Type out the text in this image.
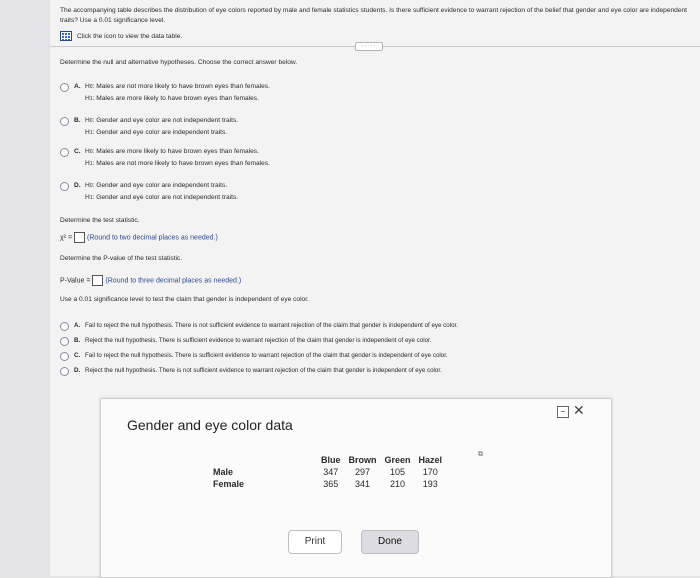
The accompanying table describes the distribution of eye colors reported by male and female statistics students. Is there sufficient evidence to warrant rejection of the belief that gender and eye color are independent traits? Use a 0.01 significance level.
Click the icon to view the data table.
·····
Determine the null and alternative hypotheses. Choose the correct answer below.
A. H0: Males are not more likely to have brown eyes than females.
H1: Males are more likely to have brown eyes than females.
B. H0: Gender and eye color are not independent traits.
H1: Gender and eye color are independent traits.
C. H0: Males are more likely to have brown eyes than females.
H1: Males are not more likely to have brown eyes than females.
D. H0: Gender and eye color are independent traits.
H1: Gender and eye color are not independent traits.
Determine the test statistic.
χ² = (Round to two decimal places as needed.)
Determine the P-value of the test statistic.
P-Value = (Round to three decimal places as needed.)
Use a 0.01 significance level to test the claim that gender is independent of eye color.
A. Fail to reject the null hypothesis. There is not sufficient evidence to warrant rejection of the claim that gender is independent of eye color.
B. Reject the null hypothesis. There is sufficient evidence to warrant rejection of the claim that gender is independent of eye color.
C. Fail to reject the null hypothesis. There is sufficient evidence to warrant rejection of the claim that gender is independent of eye color.
D. Reject the null hypothesis. There is not sufficient evidence to warrant rejection of the claim that gender is independent of eye color.
Gender and eye color data
− ✕
	Blue	Brown	Green	Hazel
Male	347	297	105	170
Female	365	341	210	193
⧉
Print	Done
